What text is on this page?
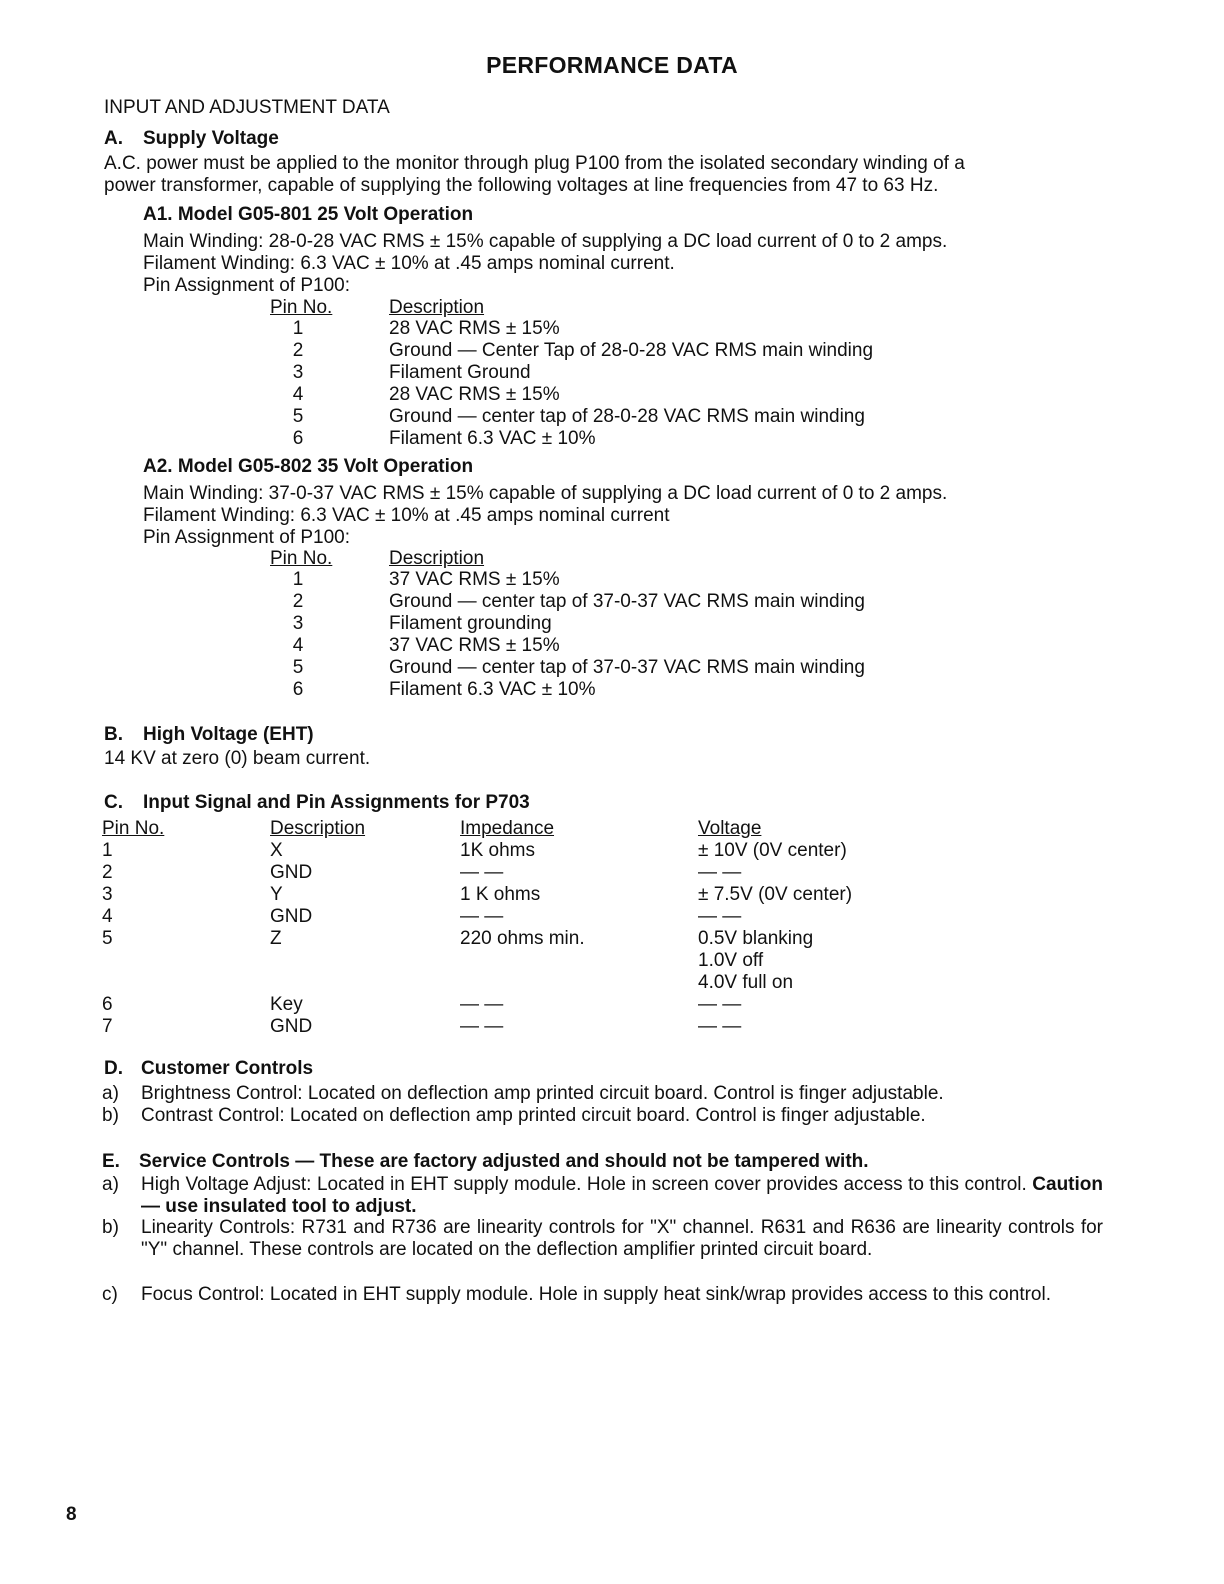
PERFORMANCE DATA
INPUT AND ADJUSTMENT DATA
A. Supply Voltage
A.C. power must be applied to the monitor through plug P100 from the isolated secondary winding of a
power transformer, capable of supplying the following voltages at line frequencies from 47 to 63 Hz.
A1. Model G05-801 25 Volt Operation
Main Winding: 28-0-28 VAC RMS ± 15% capable of supplying a DC load current of 0 to 2 amps.
Filament Winding: 6.3 VAC ± 10% at .45 amps nominal current.
Pin Assignment of P100:
Pin No.	Description
1	28 VAC RMS ± 15%
2	Ground — Center Tap of 28-0-28 VAC RMS main winding
3	Filament Ground
4	28 VAC RMS ± 15%
5	Ground — center tap of 28-0-28 VAC RMS main winding
6	Filament 6.3 VAC ± 10%
A2. Model G05-802 35 Volt Operation
Main Winding: 37-0-37 VAC RMS ± 15% capable of supplying a DC load current of 0 to 2 amps.
Filament Winding: 6.3 VAC ± 10% at .45 amps nominal current
Pin Assignment of P100:
Pin No.	Description
1	37 VAC RMS ± 15%
2	Ground — center tap of 37-0-37 VAC RMS main winding
3	Filament grounding
4	37 VAC RMS ± 15%
5	Ground — center tap of 37-0-37 VAC RMS main winding
6	Filament 6.3 VAC ± 10%
B. High Voltage (EHT)
14 KV at zero (0) beam current.
C. Input Signal and Pin Assignments for P703
Pin No.	Description	Impedance	Voltage
1	X	1K ohms	± 10V (0V center)
2	GND	— —	— —
3	Y	1 K ohms	± 7.5V (0V center)
4	GND	— —	— —
5	Z	220 ohms min.	0.5V blanking
1.0V off
4.0V full on
6	Key	— —	— —
7	GND	— —	— —
D. Customer Controls
a) Brightness Control: Located on deflection amp printed circuit board. Control is finger adjustable.
b) Contrast Control: Located on deflection amp printed circuit board. Control is finger adjustable.
E. Service Controls — These are factory adjusted and should not be tampered with.
a) High Voltage Adjust: Located in EHT supply module. Hole in screen cover provides access to this control. Caution — use insulated tool to adjust.
b) Linearity Controls: R731 and R736 are linearity controls for "X" channel. R631 and R636 are linearity controls for "Y" channel. These controls are located on the deflection amplifier printed circuit board.
c) Focus Control: Located in EHT supply module. Hole in supply heat sink/wrap provides access to this control.
8
